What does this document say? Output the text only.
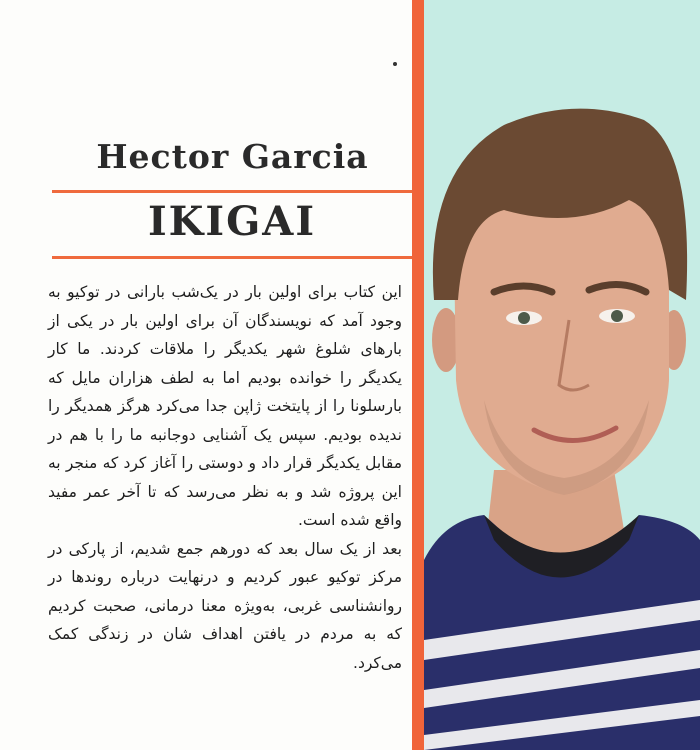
Hector Garcia
IKIGAI

این کتاب برای اولین بار در یک‌شب بارانی در توکیو به وجود آمد که نویسندگان آن برای اولین بار در یکی از بارهای شلوغ شهر یکدیگر را ملاقات کردند. ما کار یکدیگر را خوانده بودیم اما به لطف هزاران مایل که بارسلونا را از پایتخت ژاپن جدا می‌کرد هرگز همدیگر را ندیده بودیم. سپس یک آشنایی دوجانبه ما را با هم در مقابل یکدیگر قرار داد و دوستی را آغاز کرد که منجر به این پروژه شد و به نظر می‌رسد که تا آخر عمر مفید واقع شده است.

بعد از یک سال بعد که دورهم جمع شدیم، از پارکی در مرکز توکیو عبور کردیم و درنهایت درباره روندها در روانشناسی غربی، به‌ویژه معنا درمانی، صحبت کردیم که به مردم در یافتن اهداف شان در زندگی کمک می‌کرد.
